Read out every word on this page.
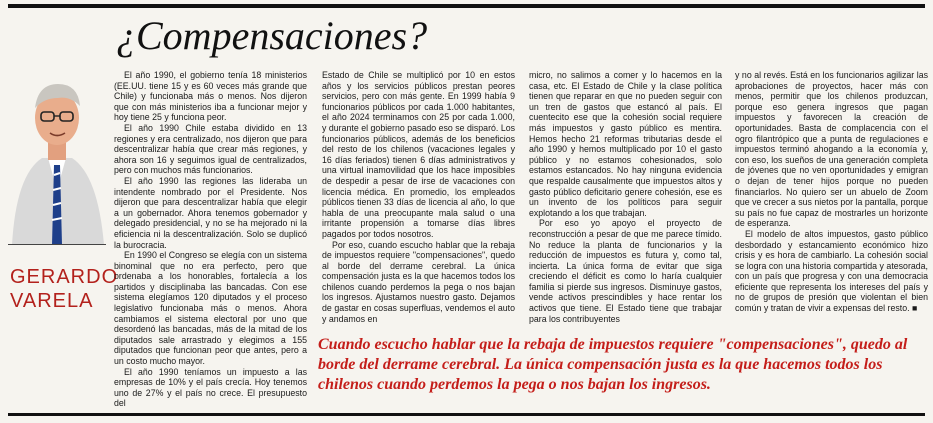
¿Compensaciones?
GERARDO
VARELA

El año 1990, el gobierno tenía 18 ministerios (EE.UU. tiene 15 y es 60 veces más grande que Chile) y funcionaba más o menos. Nos dijeron que con más ministerios iba a funcionar mejor y hoy tiene 25 y funciona peor.

El año 1990 Chile estaba dividido en 13 regiones y era centralizado, nos dijeron que para descentralizar había que crear más regiones, y ahora son 16 y seguimos igual de centralizados, pero con muchos más funcionarios.

El año 1990 las regiones las lideraba un intendente nombrado por el Presidente. Nos dijeron que para descentralizar había que elegir a un gobernador. Ahora tenemos gobernador y delegado presidencial, y no se ha mejorado ni la eficiencia ni la descentralización. Solo se duplicó la burocracia.

En 1990 el Congreso se elegía con un sistema binominal que no era perfecto, pero que ordenaba a los honorables, fortalecía a los partidos y disciplinaba las bancadas. Con ese sistema elegíamos 120 diputados y el proceso legislativo funcionaba más o menos. Ahora cambiamos el sistema electoral por uno que desordenó las bancadas, más de la mitad de los diputados sale arrastrado y elegimos a 155 diputados que funcionan peor que antes, pero a un costo mucho mayor.

El año 1990 teníamos un impuesto a las empresas de 10% y el país crecía. Hoy tenemos uno de 27% y el país no crece. El presupuesto del

Estado de Chile se multiplicó por 10 en estos años y los servicios públicos prestan peores servicios, pero con más gente. En 1999 había 9 funcionarios públicos por cada 1.000 habitantes, el año 2024 terminamos con 25 por cada 1.000, y durante el gobierno pasado eso se disparó. Los funcionarios públicos, además de los beneficios del resto de los chilenos (vacaciones legales y 16 días feriados) tienen 6 días administrativos y una virtual inamovilidad que los hace imposibles de despedir a pesar de irse de vacaciones con licencia médica. En promedio, los empleados públicos tienen 33 días de licencia al año, lo que habla de una preocupante mala salud o una irritante propensión a tomarse días libres pagados por todos nosotros.

Por eso, cuando escucho hablar que la rebaja de impuestos requiere "compensaciones", quedo al borde del derrame cerebral. La única compensación justa es la que hacemos todos los chilenos cuando perdemos la pega o nos bajan los ingresos. Ajustamos nuestro gasto. Dejamos de gastar en cosas superfluas, vendemos el auto y andamos en

micro, no salimos a comer y lo hacemos en la casa, etc. El Estado de Chile y la clase política tienen que reparar en que no pueden seguir con un tren de gastos que estancó al país. El cuentecito ese que la cohesión social requiere más impuestos y gasto público es mentira. Hemos hecho 21 reformas tributarias desde el año 1990 y hemos multiplicado por 10 el gasto público y no estamos cohesionados, solo estamos estancados. No hay ninguna evidencia que respalde causalmente que impuestos altos y gasto público deficitario genere cohesión, ese es un invento de los políticos para seguir explotando a los que trabajan.

Por eso yo apoyo el proyecto de reconstrucción a pesar de que me parece tímido. No reduce la planta de funcionarios y la reducción de impuestos es futura y, como tal, incierta. La única forma de evitar que siga creciendo el déficit es como lo haría cualquier familia si pierde sus ingresos. Disminuye gastos, vende activos prescindibles y hace rentar los activos que tiene. El Estado tiene que trabajar para los contribuyentes

y no al revés. Está en los funcionarios agilizar las aprobaciones de proyectos, hacer más con menos, permitir que los chilenos produzcan, porque eso genera ingresos que pagan impuestos y favorecen la creación de oportunidades. Basta de complacencia con el ogro filantrópico que a punta de regulaciones e impuestos terminó ahogando a la economía y, con eso, los sueños de una generación completa de jóvenes que no ven oportunidades y emigran o dejan de tener hijos porque no pueden financiarlos. No quiero ser un abuelo de Zoom que ve crecer a sus nietos por la pantalla, porque su país no fue capaz de mostrarles un horizonte de esperanza.

El modelo de altos impuestos, gasto público desbordado y estancamiento económico hizo crisis y es hora de cambiarlo. La cohesión social se logra con una historia compartida y atesorada, con un país que progresa y con una democracia eficiente que representa los intereses del país y no de grupos de presión que violentan el bien común y tratan de vivir a expensas del resto. ■

Cuando escucho hablar que la rebaja de impuestos requiere "compensaciones", quedo al borde del derrame cerebral. La única compensación justa es la que hacemos todos los chilenos cuando perdemos la pega o nos bajan los ingresos.
